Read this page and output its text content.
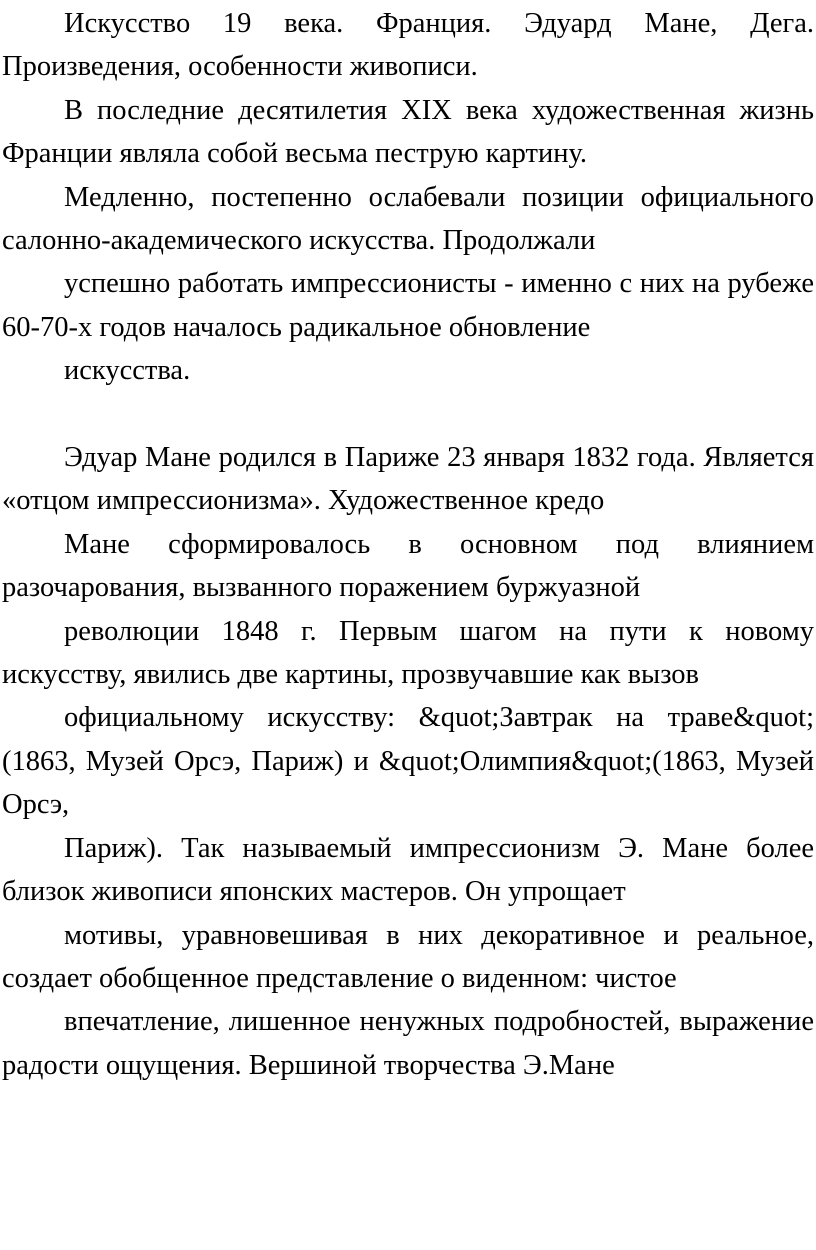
Искусство 19 века. Франция. Эдуард Мане, Дега. Произведения, особенности живописи.

В последние десятилетия XIX века художественная жизнь Франции являла собой весьма пеструю картину.

Медленно, постепенно ослабевали позиции официального салонно-академического искусства. Продолжали

успешно работать импрессионисты - именно с них на рубеже 60-70-х годов началось радикальное обновление

искусства.

Эдуар Мане родился в Париже 23 января 1832 года. Является «отцом импрессионизма». Художественное кредо

Мане сформировалось в основном под влиянием разочарования, вызванного поражением буржуазной

революции 1848 г. Первым шагом на пути к новому искусству, явились две картины, прозвучавшие как вызов

официальному искусству: &quot;Завтрак на траве&quot; (1863, Музей Орсэ, Париж) и &quot;Олимпия&quot;(1863, Музей Орсэ,

Париж). Так называемый импрессионизм Э. Мане более близок живописи японских мастеров. Он упрощает

мотивы, уравновешивая в них декоративное и реальное, создает обобщенное представление о виденном: чистое

впечатление, лишенное ненужных подробностей, выражение радости ощущения. Вершиной творчества Э.Мане
